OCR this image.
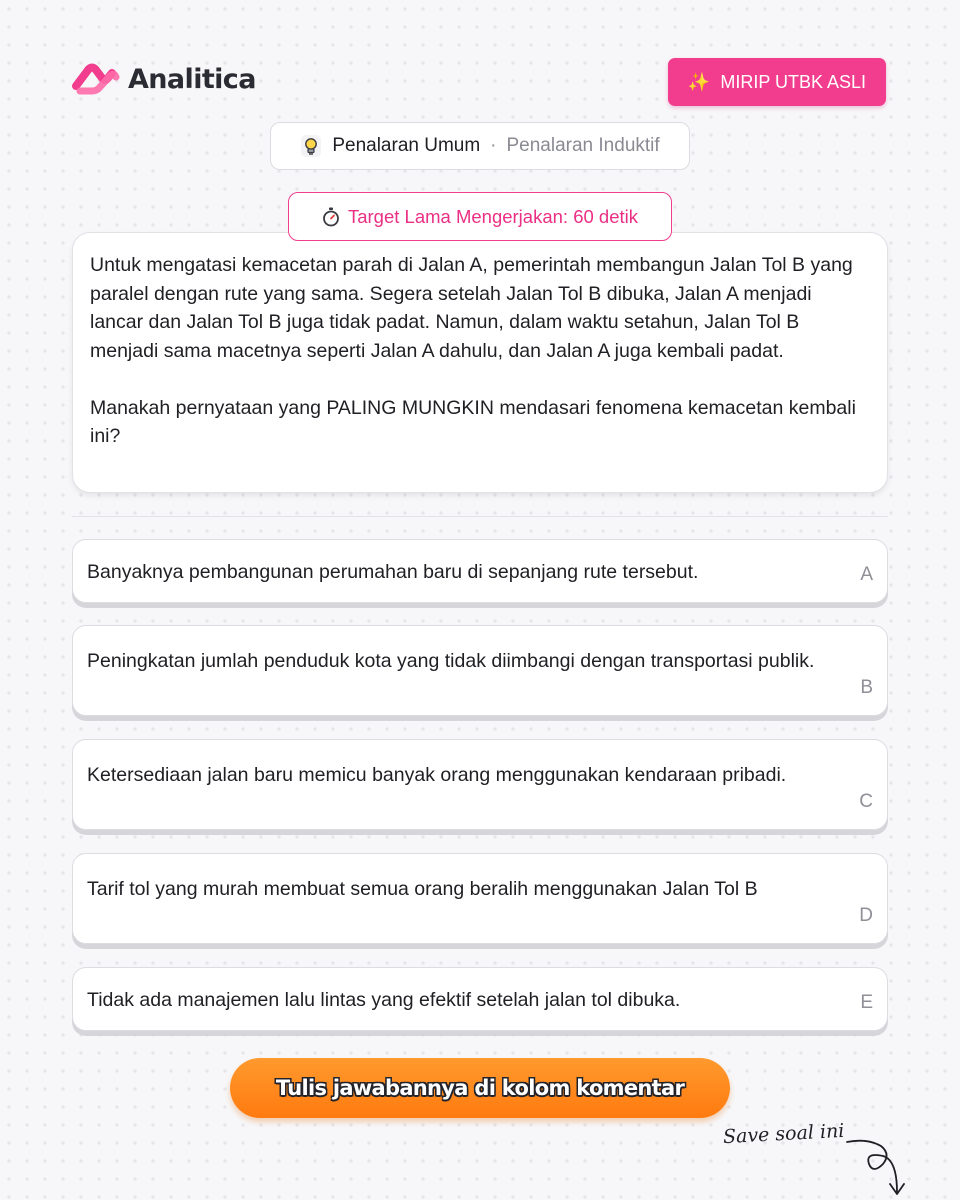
Analitica	✨ MIRIP UTBK ASLI
Penalaran Umum · Penalaran Induktif

Untuk mengatasi kemacetan parah di Jalan A, pemerintah membangun Jalan Tol B yang paralel dengan rute yang sama. Segera setelah Jalan Tol B dibuka, Jalan A menjadi lancar dan Jalan Tol B juga tidak padat. Namun, dalam waktu setahun, Jalan Tol B menjadi sama macetnya seperti Jalan A dahulu, dan Jalan A juga kembali padat.

Manakah pernyataan yang PALING MUNGKIN mendasari fenomena kemacetan kembali ini?

Target Lama Mengerjakan: 60 detik
Banyaknya pembangunan perumahan baru di sepanjang rute tersebut.	A
Peningkatan jumlah penduduk kota yang tidak diimbangi dengan transportasi publik.
B
Ketersediaan jalan baru memicu banyak orang menggunakan kendaraan pribadi.
C
Tarif tol yang murah membuat semua orang beralih menggunakan Jalan Tol B
D
Tidak ada manajemen lalu lintas yang efektif setelah jalan tol dibuka.	E
Tulis jawabannya di kolom komentar
Save soal ini
